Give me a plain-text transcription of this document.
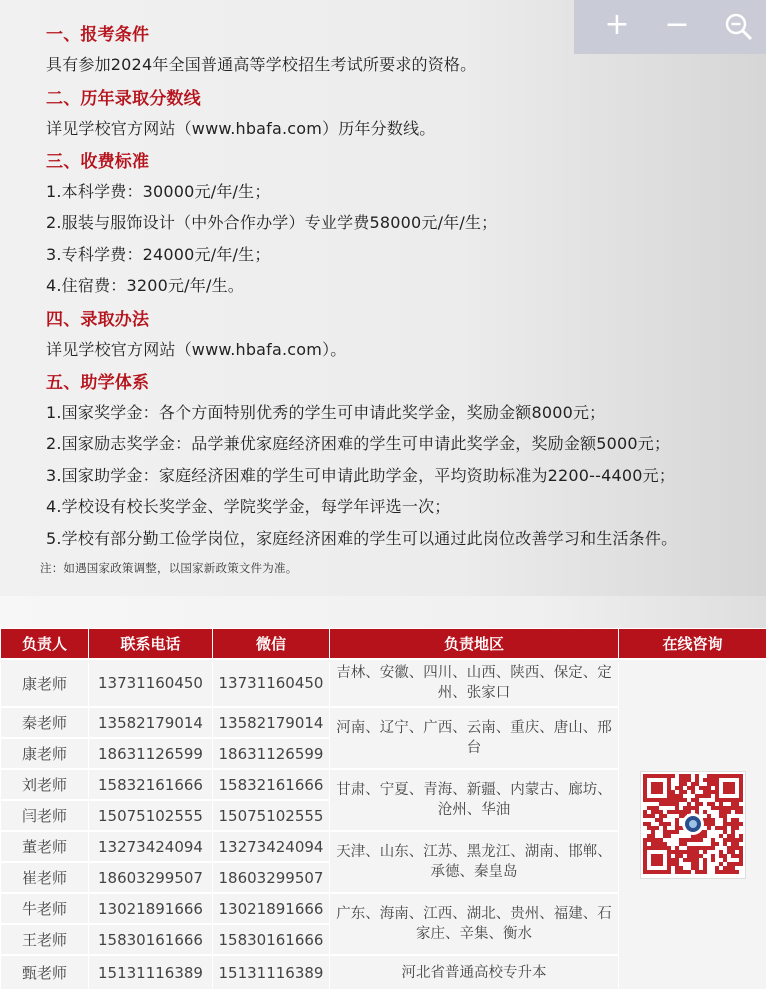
一、报考条件
具有参加2024年全国普通高等学校招生考试所要求的资格。
二、历年录取分数线
详见学校官方网站（www.hbafa.com）历年分数线。
三、收费标准
1.本科学费：30000元/年/生；
2.服装与服饰设计（中外合作办学）专业学费58000元/年/生；
3.专科学费：24000元/年/生；
4.住宿费：3200元/年/生。
四、录取办法
详见学校官方网站（www.hbafa.com）。
五、助学体系
1.国家奖学金：各个方面特别优秀的学生可申请此奖学金，奖励金额8000元；
2.国家励志奖学金：品学兼优家庭经济困难的学生可申请此奖学金，奖励金额5000元；
3.国家助学金：家庭经济困难的学生可申请此助学金，平均资助标准为2200--4400元；
4.学校设有校长奖学金、学院奖学金，每学年评选一次；
5.学校有部分勤工俭学岗位，家庭经济困难的学生可以通过此岗位改善学习和生活条件。
注：如遇国家政策调整，以国家新政策文件为准。
+	−
负责人	联系电话	微信	负责地区	在线咨询
康老师	13731160450	13731160450	吉林、安徽、四川、山西、陕西、保定、定州、张家口	

秦老师	13582179014	13582179014	河南、辽宁、广西、云南、重庆、唐山、邢台	
康老师	18631126599	18631126599		
刘老师	15832161666	15832161666	甘肃、宁夏、青海、新疆、内蒙古、廊坊、沧州、华油	
闫老师	15075102555	15075102555		
董老师	13273424094	13273424094	天津、山东、江苏、黑龙江、湖南、邯郸、承德、秦皇岛	
崔老师	18603299507	18603299507		
牛老师	13021891666	13021891666	广东、海南、江西、湖北、贵州、福建、石家庄、辛集、衡水	
王老师	15830161666	15830161666		
甄老师	15131116389	15131116389	河北省普通高校专升本	
